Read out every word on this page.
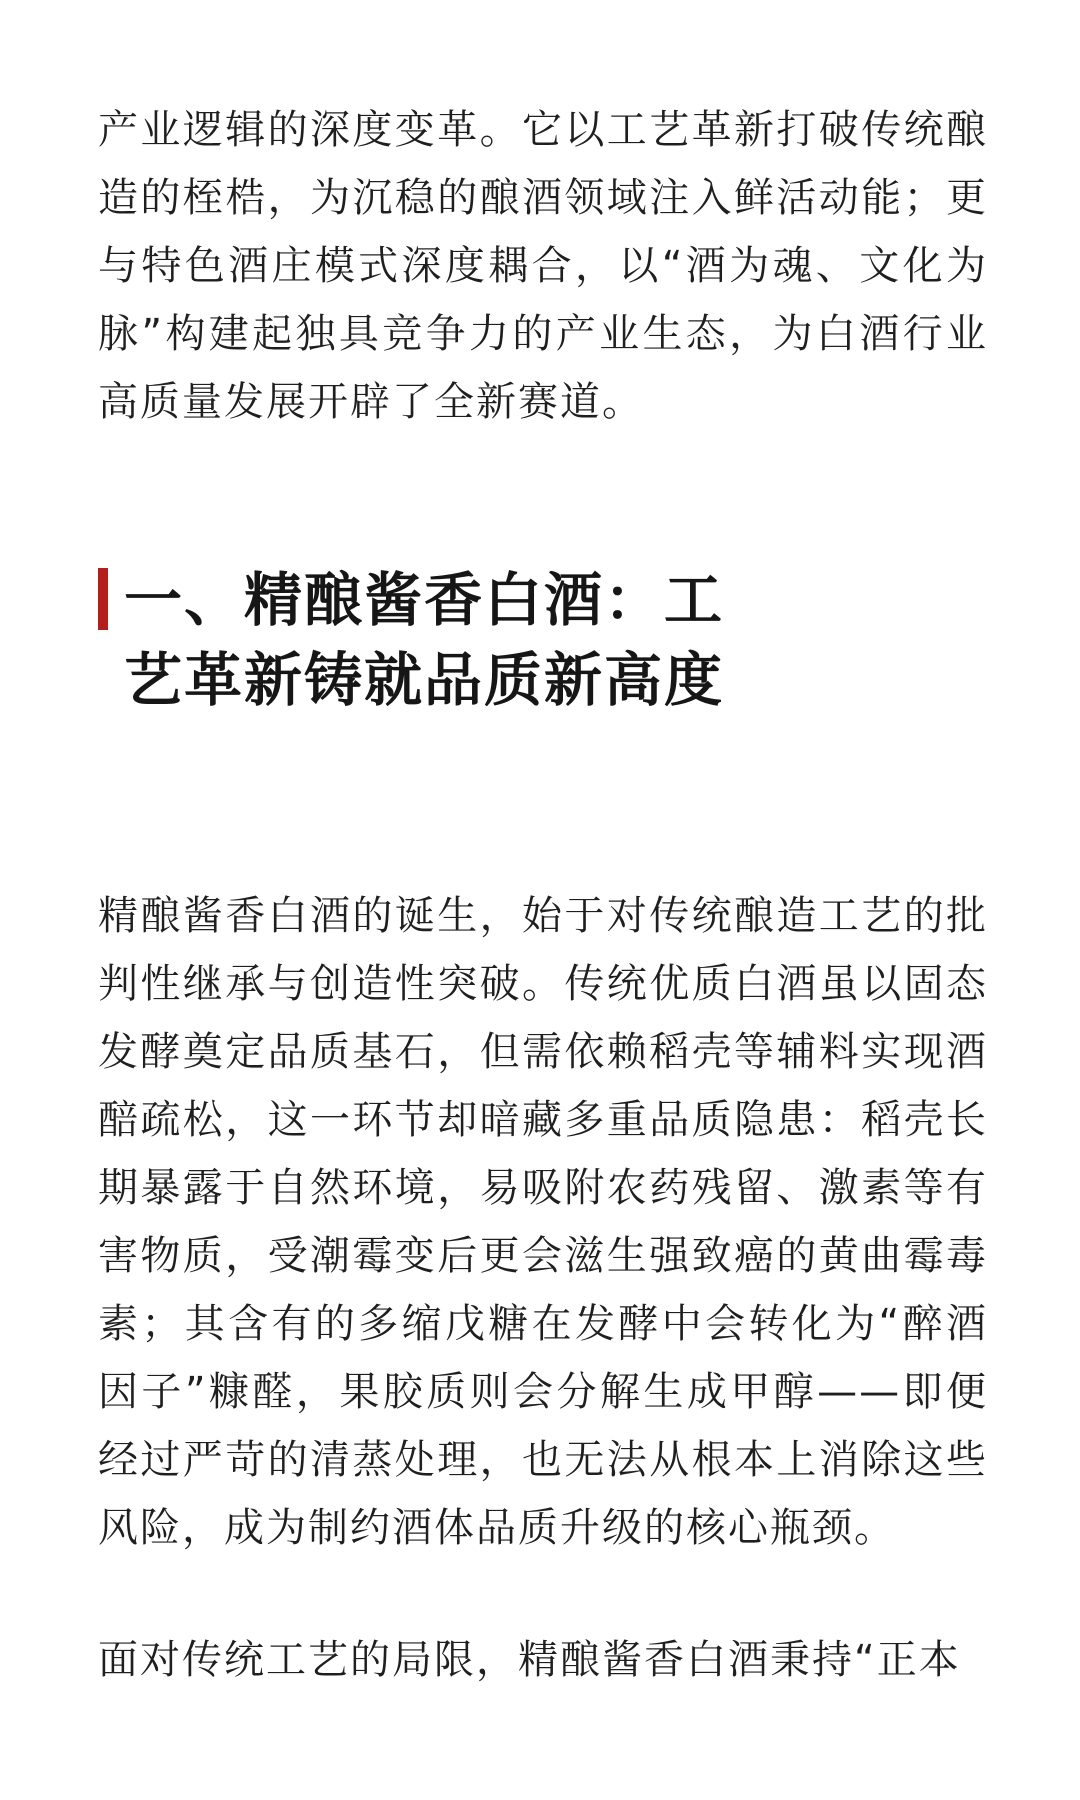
产业逻辑的深度变革。它以工艺革新打破传统酿造的桎梏，为沉稳的酿酒领域注入鲜活动能；更与特色酒庄模式深度耦合，以“酒为魂、文化为脉”构建起独具竞争力的产业生态，为白酒行业高质量发展开辟了全新赛道。

一、精酿酱香白酒：工艺革新铸就品质新高度

精酿酱香白酒的诞生，始于对传统酿造工艺的批判性继承与创造性突破。传统优质白酒虽以固态发酵奠定品质基石，但需依赖稻壳等辅料实现酒醅疏松，这一环节却暗藏多重品质隐患：稻壳长期暴露于自然环境，易吸附农药残留、激素等有害物质，受潮霉变后更会滋生强致癌的黄曲霉毒素；其含有的多缩戊糖在发酵中会转化为“醉酒因子”糠醛，果胶质则会分解生成甲醇——即便经过严苛的清蒸处理，也无法从根本上消除这些风险，成为制约酒体品质升级的核心瓶颈。

面对传统工艺的局限，精酿酱香白酒秉持“正本
